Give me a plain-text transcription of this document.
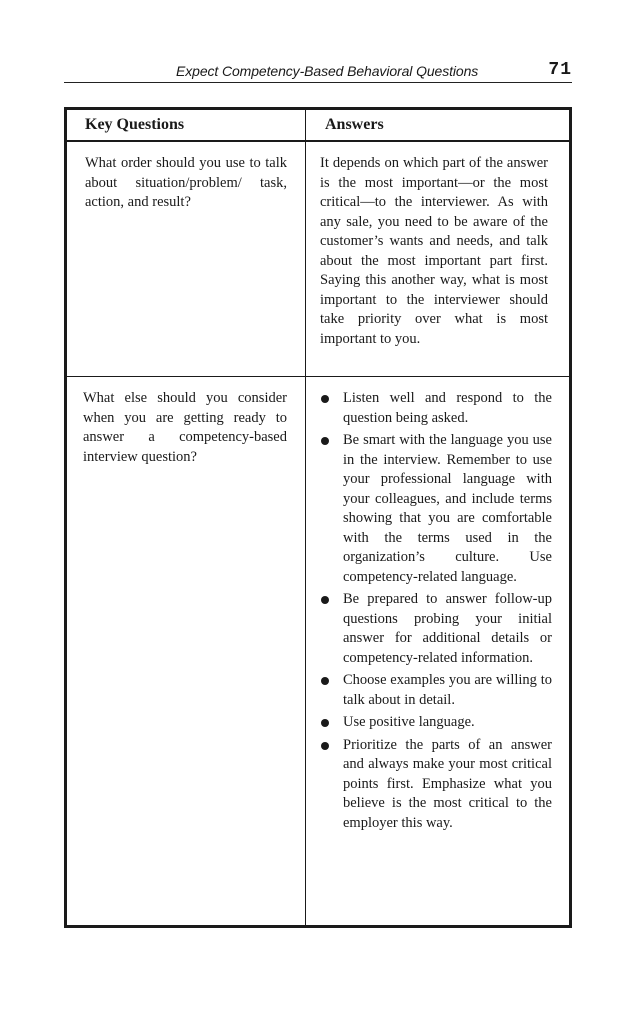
Expect Competency-Based Behavioral Questions	71
Key Questions	Answers
What order should you use to talk about situation/problem/ task, action, and result?
It depends on which part of the answer is the most important—or the most critical—to the interviewer. As with any sale, you need to be aware of the customer’s wants and needs, and talk about the most important part first. Saying this another way, what is most important to the interviewer should take priority over what is most important to you.
What else should you consider when you are getting ready to answer a competency-based interview question?
Listen well and respond to the question being asked.
Be smart with the language you use in the interview. Remember to use your professional language with your colleagues, and include terms showing that you are comfortable with the terms used in the organization’s culture. Use competency-related language.
Be prepared to answer follow-up questions probing your initial answer for additional details or competency-related information.
Choose examples you are willing to talk about in detail.
Use positive language.
Prioritize the parts of an answer and always make your most critical points first. Emphasize what you believe is the most critical to the employer this way.
